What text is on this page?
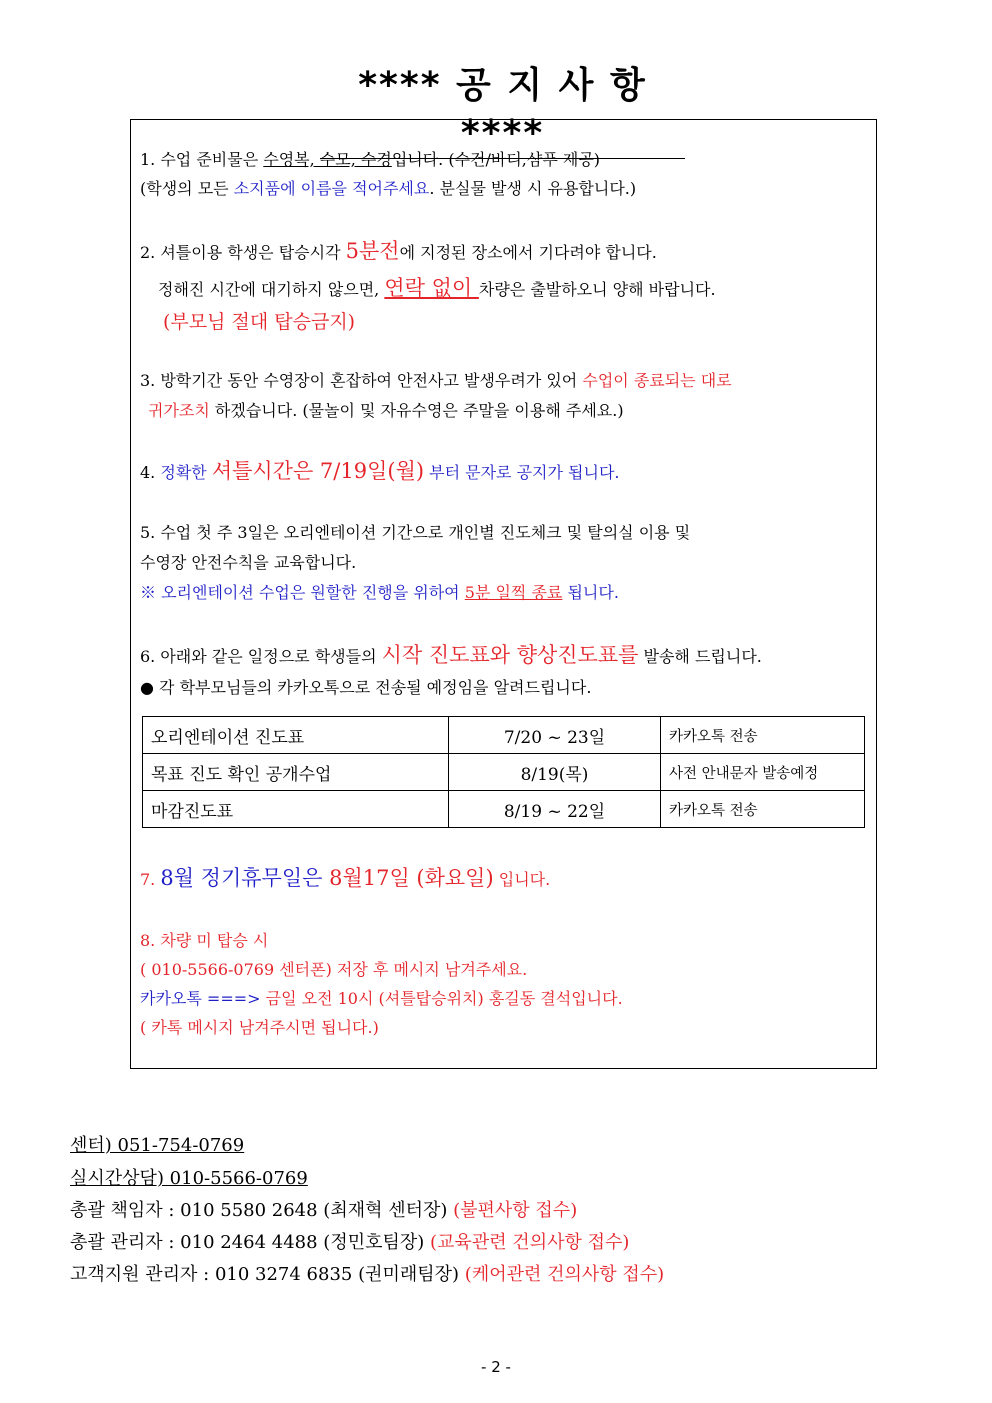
**** 공 지 사 항 ****
1. 수업 준비물은 수영복, 수모, 수경입니다. (수건/바디,샴푸 제공)
(학생의 모든 소지품에 이름을 적어주세요. 분실물 발생 시 유용합니다.)
2. 셔틀이용 학생은 탑승시각 5분전에 지정된 장소에서 기다려야 합니다.
정해진 시간에 대기하지 않으면, 연락 없이 차량은 출발하오니 양해 바랍니다.
(부모님 절대 탑승금지)
3. 방학기간 동안 수영장이 혼잡하여 안전사고 발생우려가 있어 수업이 종료되는 대로
귀가조치 하겠습니다. (물놀이 및 자유수영은 주말을 이용해 주세요.)
4. 정확한 셔틀시간은 7/19일(월) 부터 문자로 공지가 됩니다.
5. 수업 첫 주 3일은 오리엔테이션 기간으로 개인별 진도체크 및 탈의실 이용 및
수영장 안전수칙을 교육합니다.
※ 오리엔테이션 수업은 원할한 진행을 위하여 5분 일찍 종료 됩니다.
6. 아래와 같은 일정으로 학생들의 시작 진도표와 향상진도표를 발송해 드립니다.
● 각 학부모님들의 카카오톡으로 전송될 예정임을 알려드립니다.
오리엔테이션 진도표	7/20 ~ 23일	카카오톡 전송
목표 진도 확인 공개수업	8/19(목)	사전 안내문자 발송예정
마감진도표	8/19 ~ 22일	카카오톡 전송
7. 8월 정기휴무일은 8월17일 (화요일) 입니다.
8. 차량 미 탑승 시
( 010-5566-0769 센터폰) 저장 후 메시지 남겨주세요.
카카오톡 ===> 금일 오전 10시 (셔틀탑승위치) 홍길동 결석입니다.
( 카톡 메시지 남겨주시면 됩니다.)
센터) 051-754-0769
실시간상담) 010-5566-0769
총괄 책임자 : 010 5580 2648 (최재혁 센터장) (불편사항 접수)
총괄 관리자 : 010 2464 4488 (정민호팀장) (교육관련 건의사항 접수)
고객지원 관리자 : 010 3274 6835 (권미래팀장) (케어관련 건의사항 접수)
- 2 -
